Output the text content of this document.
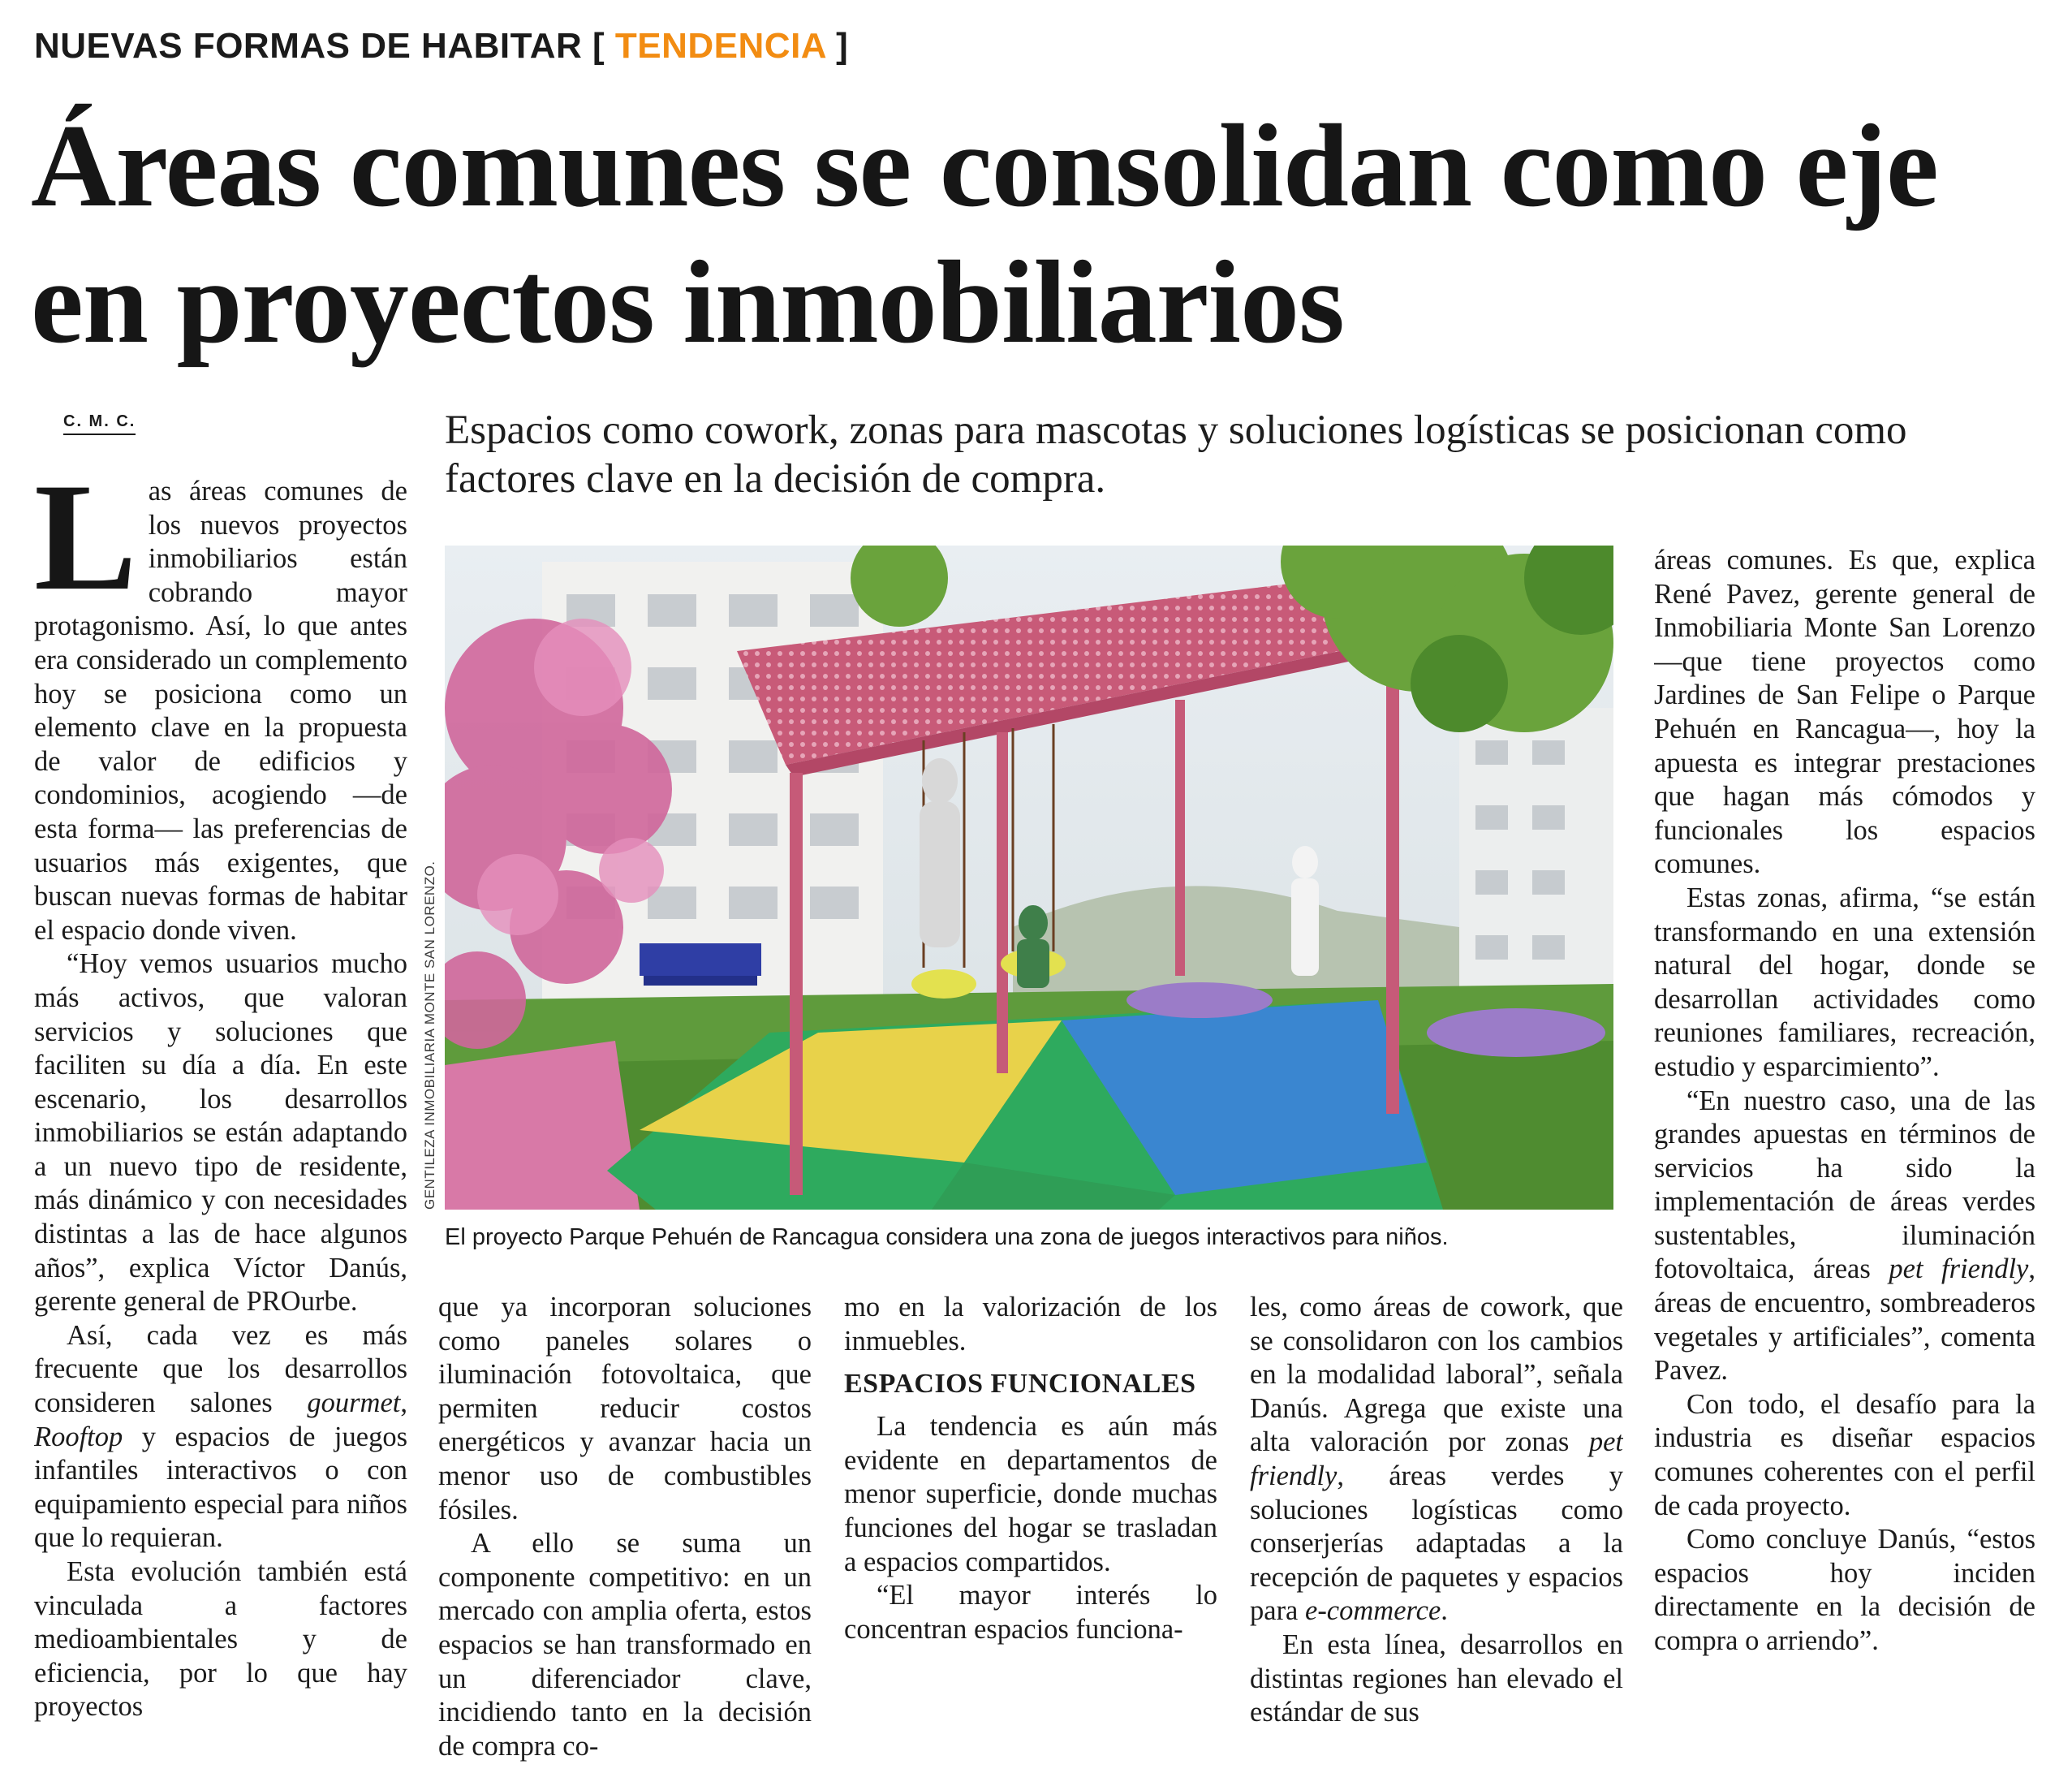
NUEVAS FORMAS DE HABITAR [ TENDENCIA ]
Áreas comunes se consolidan como eje en proyectos inmobiliarios
C. M. C.	Espacios como cowork, zonas para mascotas y soluciones logísticas se posicionan como factores clave en la decisión de compra.
GENTILEZA INMOBILIARIA MONTE SAN LORENZO.
El proyecto Parque Pehuén de Rancagua considera una zona de juegos interactivos para niños.

Las áreas comunes de los nuevos proyectos inmobiliarios están cobrando mayor protagonismo. Así, lo que antes era considerado un complemento hoy se posiciona como un elemento clave en la propuesta de valor de edificios y condominios, acogiendo —de esta forma— las preferencias de usuarios más exigentes, que buscan nuevas formas de habitar el espacio donde viven.

“Hoy vemos usuarios mucho más activos, que valoran servicios y soluciones que faciliten su día a día. En este escenario, los desarrollos inmobiliarios se están adaptando a un nuevo tipo de residente, más dinámico y con necesidades distintas a las de hace algunos años”, explica Víctor Danús, gerente general de PROurbe.

Así, cada vez es más frecuente que los desarrollos consideren salones gourmet, Rooftop y espacios de juegos infantiles interactivos o con equipamiento especial para niños que lo requieran.

Esta evolución también está vinculada a factores medioambientales y de eficiencia, por lo que hay proyectos

que ya incorporan soluciones como paneles solares o iluminación fotovoltaica, que permiten reducir costos energéticos y avanzar hacia un menor uso de combustibles fósiles.

A ello se suma un componente competitivo: en un mercado con amplia oferta, estos espacios se han transformado en un diferenciador clave, incidiendo tanto en la decisión de compra co-

mo en la valorización de los inmuebles.

ESPACIOS FUNCIONALES

La tendencia es aún más evidente en departamentos de menor superficie, donde muchas funciones del hogar se trasladan a espacios compartidos.

“El mayor interés lo concentran espacios funciona-

les, como áreas de cowork, que se consolidaron con los cambios en la modalidad laboral”, señala Danús. Agrega que existe una alta valoración por zonas pet friendly, áreas verdes y soluciones logísticas como conserjerías adaptadas a la recepción de paquetes y espacios para e-commerce.

En esta línea, desarrollos en distintas regiones han elevado el estándar de sus

áreas comunes. Es que, explica René Pavez, gerente general de Inmobiliaria Monte San Lorenzo —que tiene proyectos como Jardines de San Felipe o Parque Pehuén en Rancagua—, hoy la apuesta es integrar prestaciones que hagan más cómodos y funcionales los espacios comunes.

Estas zonas, afirma, “se están transformando en una extensión natural del hogar, donde se desarrollan actividades como reuniones familiares, recreación, estudio y esparcimiento”.

“En nuestro caso, una de las grandes apuestas en términos de servicios ha sido la implementación de áreas verdes sustentables, iluminación fotovoltaica, áreas pet friendly, áreas de encuentro, sombreaderos vegetales y artificiales”, comenta Pavez.

Con todo, el desafío para la industria es diseñar espacios comunes coherentes con el perfil de cada proyecto.

Como concluye Danús, “estos espacios hoy inciden directamente en la decisión de compra o arriendo”.
